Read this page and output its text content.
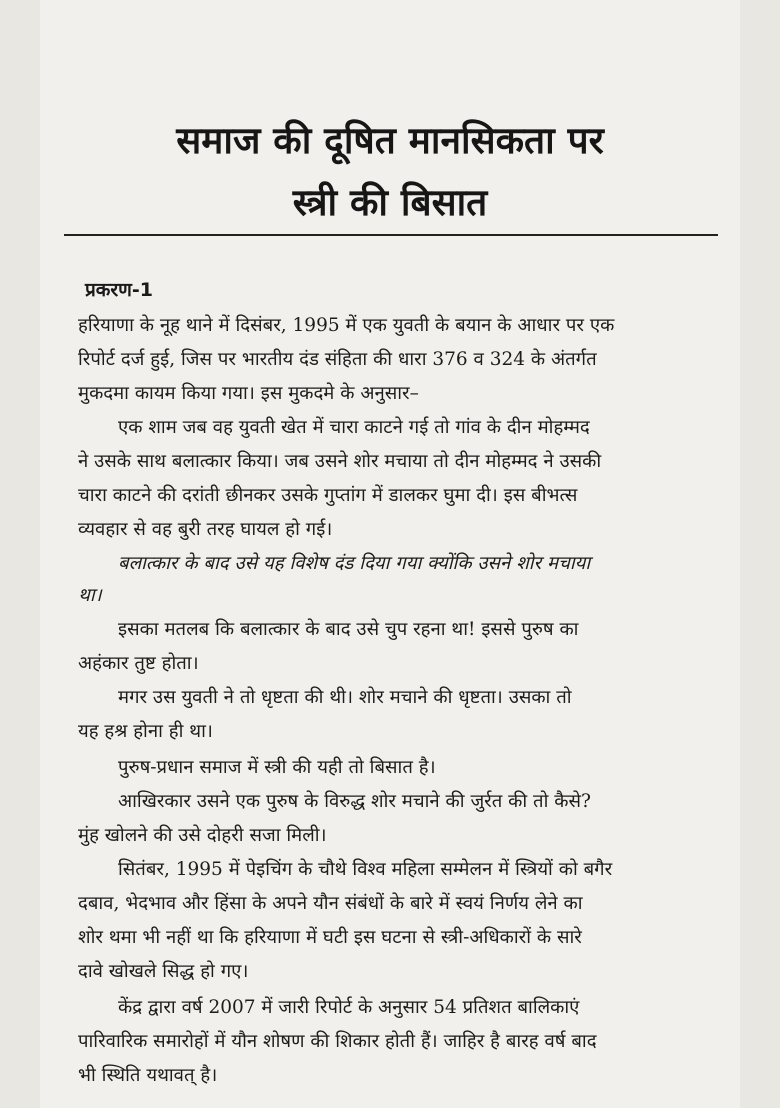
समाज की दूषित मानसिकता पर
स्त्री की बिसात
प्रकरण-1
हरियाणा के नूह थाने में दिसंबर, 1995 में एक युवती के बयान के आधार पर एक
रिपोर्ट दर्ज हुई, जिस पर भारतीय दंड संहिता की धारा 376 व 324 के अंतर्गत
मुकदमा कायम किया गया। इस मुकदमे के अनुसार–
एक शाम जब वह युवती खेत में चारा काटने गई तो गांव के दीन मोहम्मद
ने उसके साथ बलात्कार किया। जब उसने शोर मचाया तो दीन मोहम्मद ने उसकी
चारा काटने की दरांती छीनकर उसके गुप्तांग में डालकर घुमा दी। इस बीभत्स
व्यवहार से वह बुरी तरह घायल हो गई।
बलात्कार के बाद उसे यह विशेष दंड दिया गया क्योंकि उसने शोर मचाया
था।
इसका मतलब कि बलात्कार के बाद उसे चुप रहना था! इससे पुरुष का
अहंकार तुष्ट होता।
मगर उस युवती ने तो धृष्टता की थी। शोर मचाने की धृष्टता। उसका तो
यह हश्र होना ही था।
पुरुष-प्रधान समाज में स्त्री की यही तो बिसात है।
आखिरकार उसने एक पुरुष के विरुद्ध शोर मचाने की जुर्रत की तो कैसे?
मुंह खोलने की उसे दोहरी सजा मिली।
सितंबर, 1995 में पेइचिंग के चौथे विश्व महिला सम्मेलन में स्त्रियों को बगैर
दबाव, भेदभाव और हिंसा के अपने यौन संबंधों के बारे में स्वयं निर्णय लेने का
शोर थमा भी नहीं था कि हरियाणा में घटी इस घटना से स्त्री-अधिकारों के सारे
दावे खोखले सिद्ध हो गए।
केंद्र द्वारा वर्ष 2007 में जारी रिपोर्ट के अनुसार 54 प्रतिशत बालिकाएं
पारिवारिक समारोहों में यौन शोषण की शिकार होती हैं। जाहिर है बारह वर्ष बाद
भी स्थिति यथावत् है।
